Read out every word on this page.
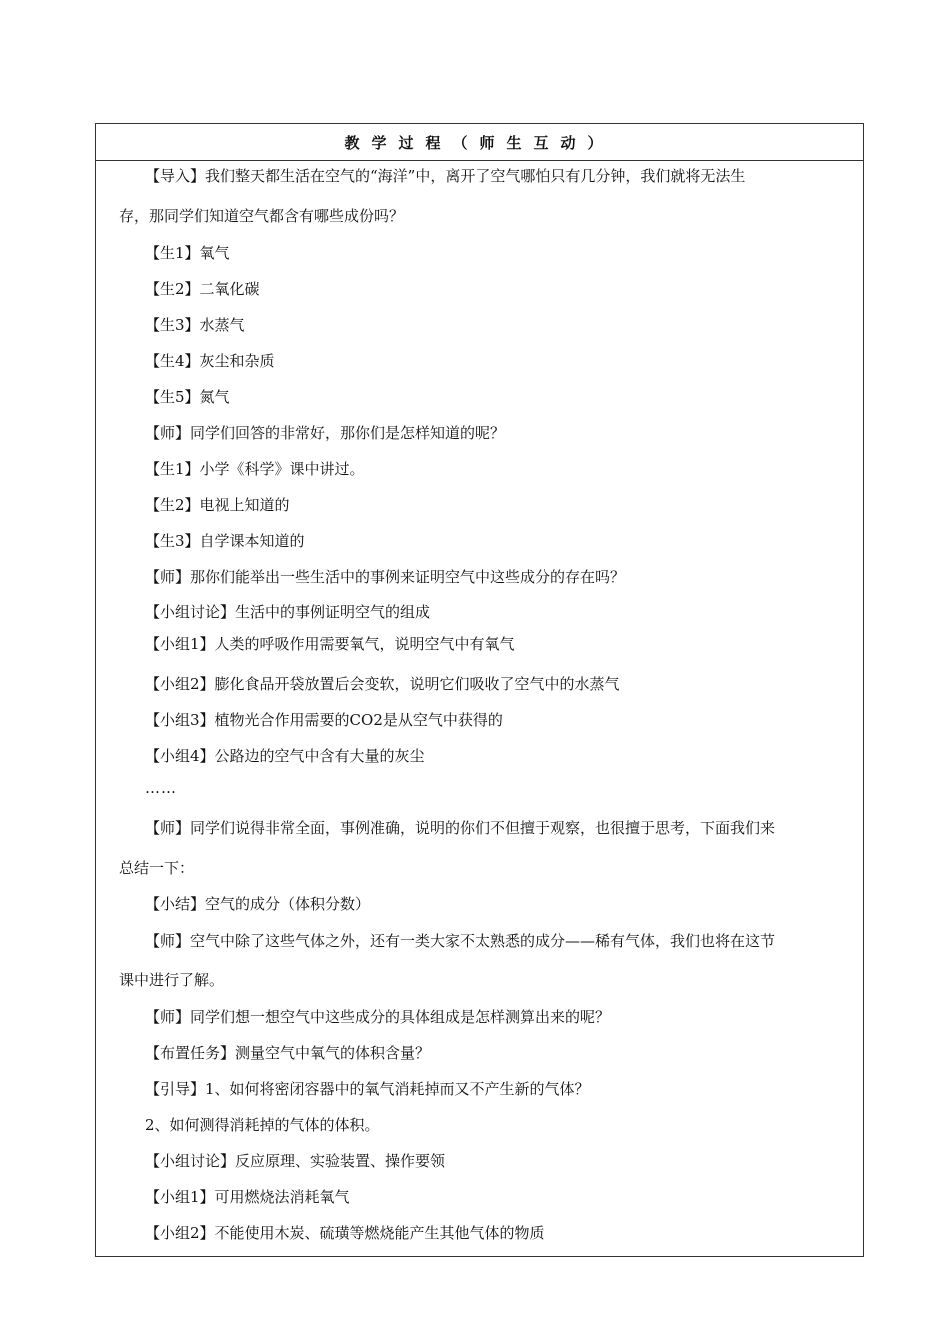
教学过程（师生互动）
【导入】我们整天都生活在空气的“海洋”中，离开了空气哪怕只有几分钟，我们就将无法生
存，那同学们知道空气都含有哪些成份吗？
【生1】氧气
【生2】二氧化碳
【生3】水蒸气
【生4】灰尘和杂质
【生5】氮气
【师】同学们回答的非常好，那你们是怎样知道的呢？
【生1】小学《科学》课中讲过。
【生2】电视上知道的
【生3】自学课本知道的
【师】那你们能举出一些生活中的事例来证明空气中这些成分的存在吗？
【小组讨论】生活中的事例证明空气的组成
【小组1】人类的呼吸作用需要氧气，说明空气中有氧气
【小组2】膨化食品开袋放置后会变软，说明它们吸收了空气中的水蒸气
【小组3】植物光合作用需要的CO2是从空气中获得的
【小组4】公路边的空气中含有大量的灰尘
……
【师】同学们说得非常全面，事例准确，说明的你们不但擅于观察，也很擅于思考，下面我们来
总结一下：
【小结】空气的成分（体积分数）
【师】空气中除了这些气体之外，还有一类大家不太熟悉的成分——稀有气体，我们也将在这节
课中进行了解。
【师】同学们想一想空气中这些成分的具体组成是怎样测算出来的呢？
【布置任务】测量空气中氧气的体积含量？
【引导】1、如何将密闭容器中的氧气消耗掉而又不产生新的气体？
2、如何测得消耗掉的气体的体积。
【小组讨论】反应原理、实验装置、操作要领
【小组1】可用燃烧法消耗氧气
【小组2】不能使用木炭、硫璜等燃烧能产生其他气体的物质
